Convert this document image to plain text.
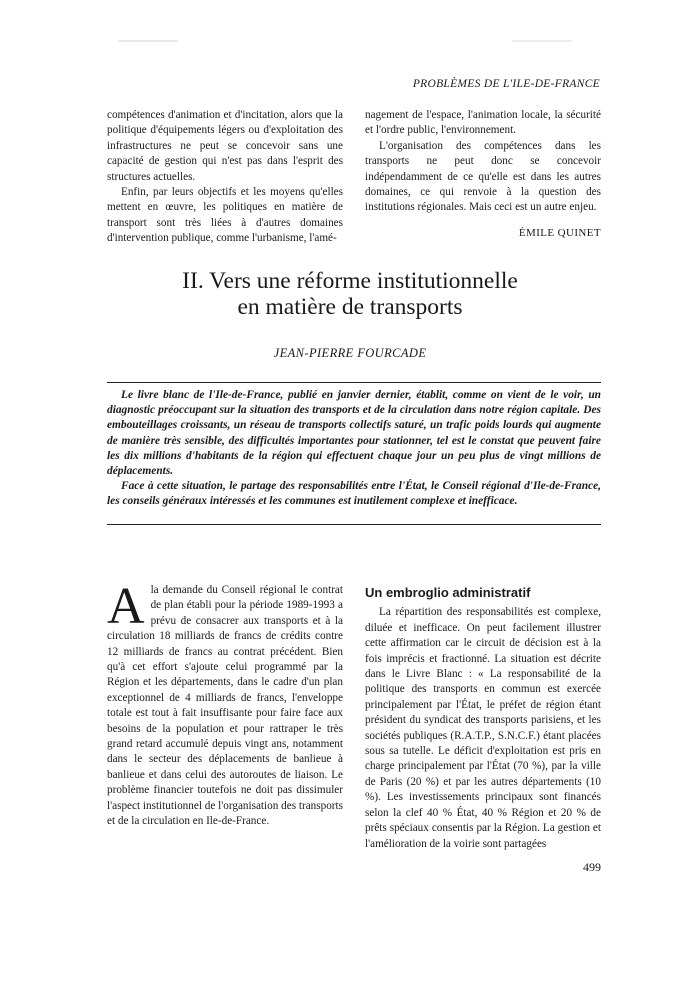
PROBLÈMES DE L'ILE-DE-FRANCE

compétences d'animation et d'incitation, alors que la politique d'équipements légers ou d'exploitation des infrastructures ne peut se concevoir sans une capacité de gestion qui n'est pas dans l'esprit des structures actuelles.

Enfin, par leurs objectifs et les moyens qu'elles mettent en œuvre, les politiques en matière de transport sont très liées à d'autres domaines d'intervention publique, comme l'urbanisme, l'amé-

nagement de l'espace, l'animation locale, la sécurité et l'ordre public, l'environnement.

L'organisation des compétences dans les transports ne peut donc se concevoir indépendamment de ce qu'elle est dans les autres domaines, ce qui renvoie à la question des institutions régionales. Mais ceci est un autre enjeu.

ÉMILE QUINET

II. Vers une réforme institutionnelle
en matière de transports
JEAN-PIERRE FOURCADE

Le livre blanc de l'Ile-de-France, publié en janvier dernier, établit, comme on vient de le voir, un diagnostic préoccupant sur la situation des transports et de la circulation dans notre région capitale. Des embouteillages croissants, un réseau de transports collectifs saturé, un trafic poids lourds qui augmente de manière très sensible, des difficultés importantes pour stationner, tel est le constat que peuvent faire les dix millions d'habitants de la région qui effectuent chaque jour un peu plus de vingt millions de déplacements.

Face à cette situation, le partage des responsabilités entre l'État, le Conseil régional d'Ile-de-France, les conseils généraux intéressés et les communes est inutilement complexe et inefficace.

A la demande du Conseil régional le contrat de plan établi pour la période 1989-1993 a prévu de consacrer aux transports et à la circulation 18 milliards de francs de crédits contre 12 milliards de francs au contrat précédent. Bien qu'à cet effort s'ajoute celui programmé par la Région et les départements, dans le cadre d'un plan exceptionnel de 4 milliards de francs, l'enveloppe totale est tout à fait insuffisante pour faire face aux besoins de la population et pour rattraper le très grand retard accumulé depuis vingt ans, notamment dans le secteur des déplacements de banlieue à banlieue et dans celui des autoroutes de liaison. Le problème financier toutefois ne doit pas dissimuler l'aspect institutionnel de l'organisation des transports et de la circulation en Ile-de-France.

Un embroglio administratif

La répartition des responsabilités est complexe, diluée et inefficace. On peut facilement illustrer cette affirmation car le circuit de décision est à la fois imprécis et fractionné. La situation est décrite dans le Livre Blanc : « La responsabilité de la politique des transports en commun est exercée principalement par l'État, le préfet de région étant président du syndicat des transports parisiens, et les sociétés publiques (R.A.T.P., S.N.C.F.) étant placées sous sa tutelle. Le déficit d'exploitation est pris en charge principalement par l'État (70 %), par la ville de Paris (20 %) et par les autres départements (10 %). Les investissements principaux sont financés selon la clef 40 % État, 40 % Région et 20 % de prêts spéciaux consentis par la Région. La gestion et l'amélioration de la voirie sont partagées

499
